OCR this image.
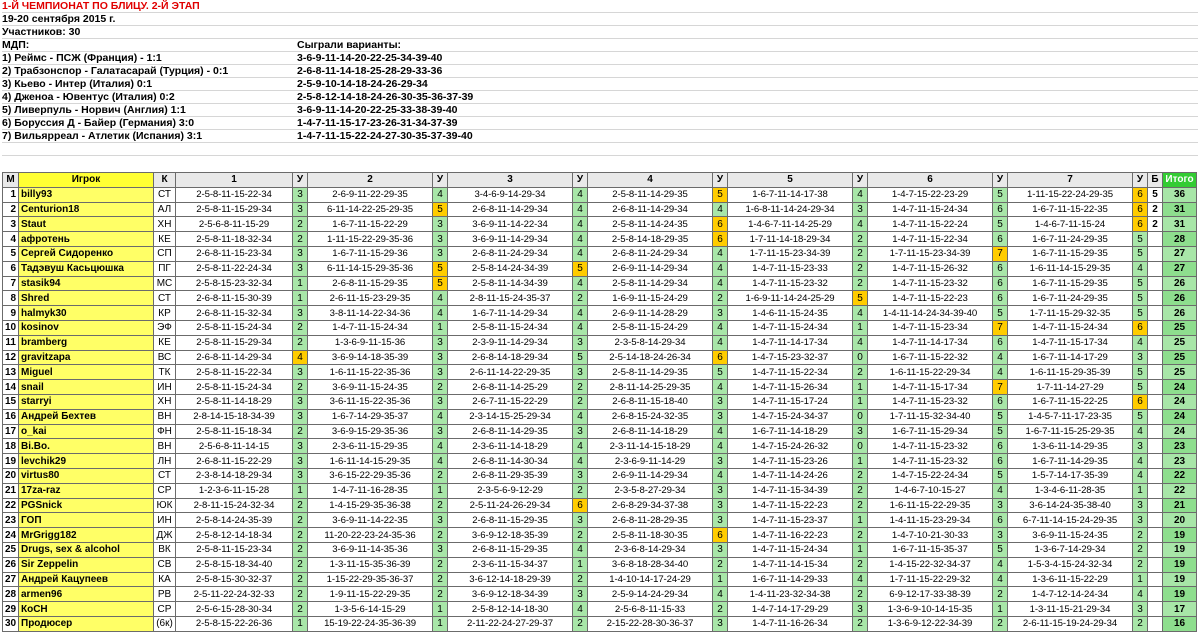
1-Й ЧЕМПИОНАТ ПО БЛИЦУ. 2-Й ЭТАП
19-20 сентября 2015 г.
Участников: 30
МДП:	Сыграли варианты:
1) Реймс - ПСЖ (Франция) - 1:1	3-6-9-11-14-20-22-25-34-39-40
2) Трабзонспор - Галатасарай (Турция) - 0:1	2-6-8-11-14-18-25-28-29-33-36
3) Кьево - Интер (Италия) 0:1	2-5-9-10-14-18-24-26-29-34
4) Дженоа - Ювентус (Италия) 0:2	2-5-8-12-14-18-24-26-30-35-36-37-39
5) Ливерпуль - Норвич (Англия) 1:1	3-6-9-11-14-20-22-25-33-38-39-40
6) Боруссия Д - Байер (Германия) 3:0	1-4-7-11-15-17-23-26-31-34-37-39
7) Вильярреал - Атлетик (Испания) 3:1	1-4-7-11-15-22-24-27-30-35-37-39-40
М	Игрок	К	1	У	2	У	3	У	4	У	5	У	6	У	7	У	Б	Итого
1	billy93	СТ	2-5-8-11-15-22-34	3	2-6-9-11-22-29-35	4	3-4-6-9-14-29-34	4	2-5-8-11-14-29-35	5	1-6-7-11-14-17-38	4	1-4-7-15-22-23-29	5	1-11-15-22-24-29-35	6	5	36
2	Centurion18	АЛ	2-5-8-11-15-29-34	3	6-11-14-22-25-29-35	5	2-6-8-11-14-29-34	4	2-6-8-11-14-29-34	4	1-6-8-11-14-24-29-34	3	1-4-7-11-15-24-34	6	1-6-7-11-15-22-35	6	2	31
3	Staut	ХН	2-5-6-8-11-15-29	2	1-6-7-11-15-22-29	3	3-6-9-11-14-22-34	4	2-5-8-11-14-24-35	6	1-4-6-7-11-14-25-29	4	1-4-7-11-15-22-24	5	1-4-6-7-11-15-24	6	2	31
4	афротень	КЕ	2-5-8-11-18-32-34	2	1-11-15-22-29-35-36	3	3-6-9-11-14-29-34	4	2-5-8-14-18-29-35	6	1-7-11-14-18-29-34	2	1-4-7-11-15-22-34	6	1-6-7-11-24-29-35	5		28
5	Сергей Сидоренко	СП	2-6-8-11-15-23-34	3	1-6-7-11-15-29-36	3	2-6-8-11-24-29-34	4	2-6-8-11-24-29-34	4	1-7-11-15-23-34-39	2	1-7-11-15-23-34-39	7	1-6-7-11-15-29-35	5		27
6	Тадэвуш Касьцюшка	ПГ	2-5-8-11-22-24-34	3	6-11-14-15-29-35-36	5	2-5-8-14-24-34-39	5	2-6-9-11-14-29-34	4	1-4-7-11-15-23-33	2	1-4-7-11-15-26-32	6	1-6-11-14-15-29-35	4		27
7	stasik94	МС	2-5-8-15-23-32-34	1	2-6-8-11-15-29-35	5	2-5-8-11-14-34-39	4	2-5-8-11-14-29-34	4	1-4-7-11-15-23-32	2	1-4-7-11-15-23-32	6	1-6-7-11-15-29-35	5		26
8	Shred	СТ	2-6-8-11-15-30-39	1	2-6-11-15-23-29-35	4	2-8-11-15-24-35-37	2	1-6-9-11-15-24-29	2	1-6-9-11-14-24-25-29	5	1-4-7-11-15-22-23	6	1-6-7-11-24-29-35	5		26
9	halmyk30	КР	2-6-8-11-15-32-34	3	3-8-11-14-22-34-36	4	1-6-7-11-14-29-34	4	2-6-9-11-14-28-29	3	1-4-6-11-15-24-35	4	1-4-11-14-24-34-39-40	5	1-7-11-15-29-32-35	5		26
10	kosinov	ЭФ	2-5-8-11-15-24-34	2	1-4-7-11-15-24-34	1	2-5-8-11-15-24-34	4	2-5-8-11-15-24-29	4	1-4-7-11-15-24-34	1	1-4-7-11-15-23-34	7	1-4-7-11-15-24-34	6		25
11	bramberg	КЕ	2-5-8-11-15-29-34	2	1-3-6-9-11-15-36	3	2-3-9-11-14-29-34	3	2-3-5-8-14-29-34	4	1-4-7-11-14-17-34	4	1-4-7-11-14-17-34	6	1-4-7-11-15-17-34	4		25
12	gravitzapa	ВС	2-6-8-11-14-29-34	4	3-6-9-14-18-35-39	3	2-6-8-14-18-29-34	5	2-5-14-18-24-26-34	6	1-4-7-15-23-32-37	0	1-6-7-11-15-22-32	4	1-6-7-11-14-17-29	3		25
13	Miguel	ТК	2-5-8-11-15-22-34	3	1-6-11-15-22-35-36	3	2-6-11-14-22-29-35	3	2-5-8-11-14-29-35	5	1-4-7-11-15-22-34	2	1-6-11-15-22-29-34	4	1-6-11-15-29-35-39	5		25
14	snail	ИН	2-5-8-11-15-24-34	2	3-6-9-11-15-24-35	2	2-6-8-11-14-25-29	2	2-8-11-14-25-29-35	4	1-4-7-11-15-26-34	1	1-4-7-11-15-17-34	7	1-7-11-14-27-29	5		24
15	starryi	ХН	2-5-8-11-14-18-29	3	3-6-11-15-22-35-36	3	2-6-7-11-15-22-29	2	2-6-8-11-15-18-40	3	1-4-7-11-15-17-24	1	1-4-7-11-15-23-32	6	1-6-7-11-15-22-25	6		24
16	Андрей Бехтев	ВН	2-8-14-15-18-34-39	3	1-6-7-14-29-35-37	4	2-3-14-15-25-29-34	4	2-6-8-15-24-32-35	3	1-4-7-15-24-34-37	0	1-7-11-15-32-34-40	5	1-4-5-7-11-17-23-35	5		24
17	o_kai	ФН	2-5-8-11-15-18-34	2	3-6-9-15-29-35-36	3	2-6-8-11-14-29-35	3	2-6-8-11-14-18-29	4	1-6-7-11-14-18-29	3	1-6-7-11-15-29-34	5	1-6-7-11-15-25-29-35	4		24
18	Bi.Bo.	ВН	2-5-6-8-11-14-15	3	2-3-6-11-15-29-35	4	2-3-6-11-14-18-29	4	2-3-11-14-15-18-29	4	1-4-7-15-24-26-32	0	1-4-7-11-15-23-32	6	1-3-6-11-14-29-35	3		23
19	levchik29	ЛН	2-6-8-11-15-22-29	3	1-6-11-14-15-29-35	4	2-6-8-11-14-30-34	4	2-3-6-9-11-14-29	3	1-4-7-11-15-23-26	1	1-4-7-11-15-23-32	6	1-6-7-11-14-29-35	4		23
20	virtus80	СТ	2-3-8-14-18-29-34	3	3-6-15-22-29-35-36	2	2-6-8-11-29-35-39	3	2-6-9-11-14-29-34	4	1-4-7-11-14-24-26	2	1-4-7-15-22-24-34	5	1-5-7-14-17-35-39	4		22
21	17za-raz	СР	1-2-3-6-11-15-28	1	1-4-7-11-16-28-35	1	2-3-5-6-9-12-29	2	2-3-5-8-27-29-34	3	1-4-7-11-15-34-39	2	1-4-6-7-10-15-27	4	1-3-4-6-11-28-35	1		22
22	PGSnick	ЮК	2-8-11-15-24-32-34	2	1-4-15-29-35-36-38	2	2-5-11-24-26-29-34	6	2-6-8-29-34-37-38	3	1-4-7-11-15-22-23	2	1-6-11-15-22-29-35	3	3-6-14-24-35-38-40	3		21
23	ГОП	ИН	2-5-8-14-24-35-39	2	3-6-9-11-14-22-35	3	2-6-8-11-15-29-35	3	2-6-8-11-28-29-35	3	1-4-7-11-15-23-37	1	1-4-11-15-23-29-34	6	6-7-11-14-15-24-29-35	3		20
24	MrGrigg182	ДЖ	2-5-8-12-14-18-34	2	11-20-22-23-24-35-36	2	3-6-9-12-18-35-39	2	2-5-8-11-18-30-35	6	1-4-7-11-16-22-23	2	1-4-7-10-21-30-33	3	3-6-9-11-15-24-35	2		19
25	Drugs, sex & alcohol	ВК	2-5-8-11-15-23-34	2	3-6-9-11-14-35-36	3	2-6-8-11-15-29-35	4	2-3-6-8-14-29-34	3	1-4-7-11-15-24-34	1	1-6-7-11-15-35-37	5	1-3-6-7-14-29-34	2		19
26	Sir Zeppelin	СВ	2-5-8-15-18-34-40	2	1-3-11-15-35-36-39	2	2-3-6-11-15-34-37	1	3-6-8-18-28-34-40	2	1-4-7-11-14-15-34	2	1-4-15-22-32-34-37	4	1-5-3-4-15-24-32-34	2		19
27	Андрей Кацупеев	КА	2-5-8-15-30-32-37	2	1-15-22-29-35-36-37	2	3-6-12-14-18-29-39	2	1-4-10-14-17-24-29	1	1-6-7-11-14-29-33	4	1-7-11-15-22-29-32	4	1-3-6-11-15-22-29	1		19
28	armen96	РВ	2-5-11-22-24-32-33	2	1-9-11-15-22-29-35	2	3-6-9-12-18-34-39	3	2-5-9-14-24-29-34	4	1-4-11-23-32-34-38	2	6-9-12-17-33-38-39	2	1-4-7-12-14-24-34	4		19
29	КоСН	СР	2-5-6-15-28-30-34	2	1-3-5-6-14-15-29	1	2-5-8-12-14-18-30	4	2-5-6-8-11-15-33	2	1-4-7-14-17-29-29	3	1-3-6-9-10-14-15-35	1	1-3-11-15-21-29-34	3		17
30	Продюсер	(6к)	2-5-8-15-22-26-36	1	15-19-22-24-35-36-39	1	2-11-22-24-27-29-37	2	2-15-22-28-30-36-37	3	1-4-7-11-16-26-34	2	1-3-6-9-12-22-34-39	2	2-6-11-15-19-24-29-34	2		16
